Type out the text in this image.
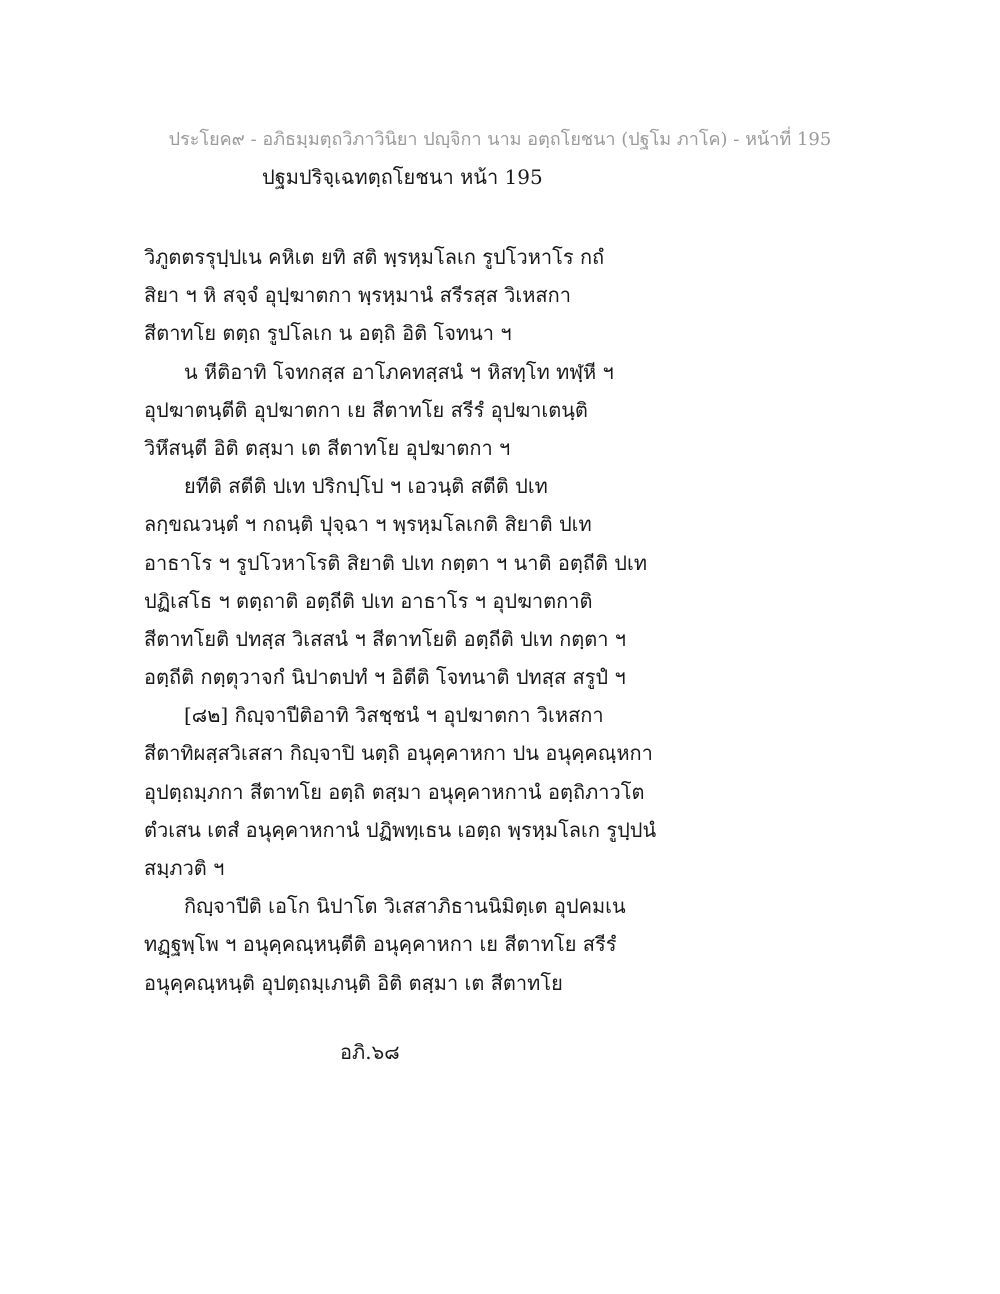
ประโยค๙ - อภิธมฺมตฺถวิภาวินิยา ปญฺจิกา นาม อตฺถโยชนา (ปฐโม ภาโค) - หน้าที่ 195
ปฐมปริจฺเฉทตฺถโยชนา หน้า 195
วิภูตตรรุปฺปเน คหิเต ยทิ สติ พฺรหฺมโลเก รูปโวหาโร กถํ
สิยา ฯ หิ สจฺจํ อุปฺฆาตกา พฺรหฺมานํ สรีรสฺส วิเหสกา
สีตาทโย ตตฺถ รูปโลเก น อตฺถิ อิติ โจทนา ฯ
น หีติอาทิ โจทกสฺส อาโภคทสฺสนํ ฯ หิสทฺโท ทฬฺหี ฯ
อุปฆาตนฺตีติ อุปฆาตกา เย สีตาทโย สรีรํ อุปฆาเตนฺติ
วิหึสนฺตี อิติ ตสฺมา เต สีตาทโย อุปฆาตกา ฯ
ยทีติ สตีติ ปเท ปริกปฺโป ฯ เอวนฺติ สตีติ ปเท
ลกฺขณวนฺตํ ฯ กถนฺติ ปุจฺฉา ฯ พฺรหฺมโลเกติ สิยาติ ปเท
อาธาโร ฯ รูปโวหาโรติ สิยาติ ปเท กตฺตา ฯ นาติ อตฺถีติ ปเท
ปฏิเสโธ ฯ ตตฺถาติ อตฺถีติ ปเท อาธาโร ฯ อุปฆาตกาติ
สีตาทโยติ ปทสฺส วิเสสนํ ฯ สีตาทโยติ อตฺถีติ ปเท กตฺตา ฯ
อตฺถีติ กตฺตุวาจกํ นิปาตปทํ ฯ อิตีติ โจทนาติ ปทสฺส สรูปํ ฯ
[๘๒] กิญฺจาปีติอาทิ วิสชฺชนํ ฯ อุปฆาตกา วิเหสกา
สีตาทิผสฺสวิเสสา กิญฺจาปิ นตฺถิ อนุคฺคาหกา ปน อนุคฺคณฺหกา
อุปตฺถมฺภกา สีตาทโย อตฺถิ ตสฺมา อนุคฺคาหกานํ อตฺถิภาวโต
ตํวเสน เตสํ อนุคฺคาหกานํ ปฏิพทฺเธน เอตฺถ พฺรหฺมโลเก รูปฺปนํ
สมฺภวติ ฯ
กิญฺจาปีติ เอโก นิปาโต วิเสสาภิธานนิมิตฺเต อุปคมเน
ทฏฺฐพฺโพ ฯ อนุคฺคณฺหนฺตีติ อนุคฺคาหกา เย สีตาทโย สรีรํ
อนุคฺคณฺหนฺติ อุปตฺถมฺเภนฺติ อิติ ตสฺมา เต สีตาทโย
อภิ.๖๘
